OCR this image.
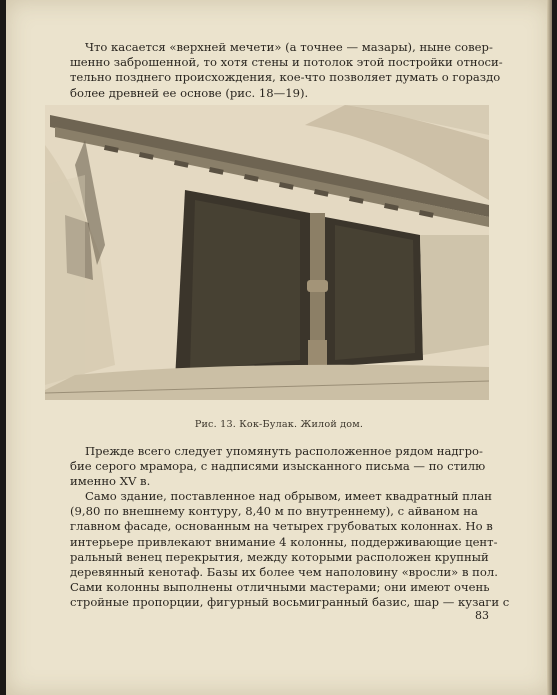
Что касается «верхней мечети» (а точнее — мазары), ныне совер-
шенно заброшенной, то хотя стены и потолок этой постройки относи-
тельно позднего происхождения, кое-что позволяет думать о гораздо
более древней ее основе (рис. 18—19).
Рис. 13. Кок-Булак. Жилой дом.
Прежде всего следует упомянуть расположенное рядом надгро-
бие серого мрамора, с надписями изысканного письма — по стилю
именно XV в.
Само здание, поставленное над обрывом, имеет квадратный план
(9,80 по внешнему контуру, 8,40 м по внутреннему), с айваном на
главном фасаде, основанным на четырех грубоватых колоннах. Но в
интерьере привлекают внимание 4 колонны, поддерживающие цент-
ральный венец перекрытия, между которыми расположен крупный
деревянный кенотаф. Базы их более чем наполовину «вросли» в пол.
Сами колонны выполнены отличными мастерами; они имеют очень
стройные пропорции, фигурный восьмигранный базис, шар — кузаги с
83
